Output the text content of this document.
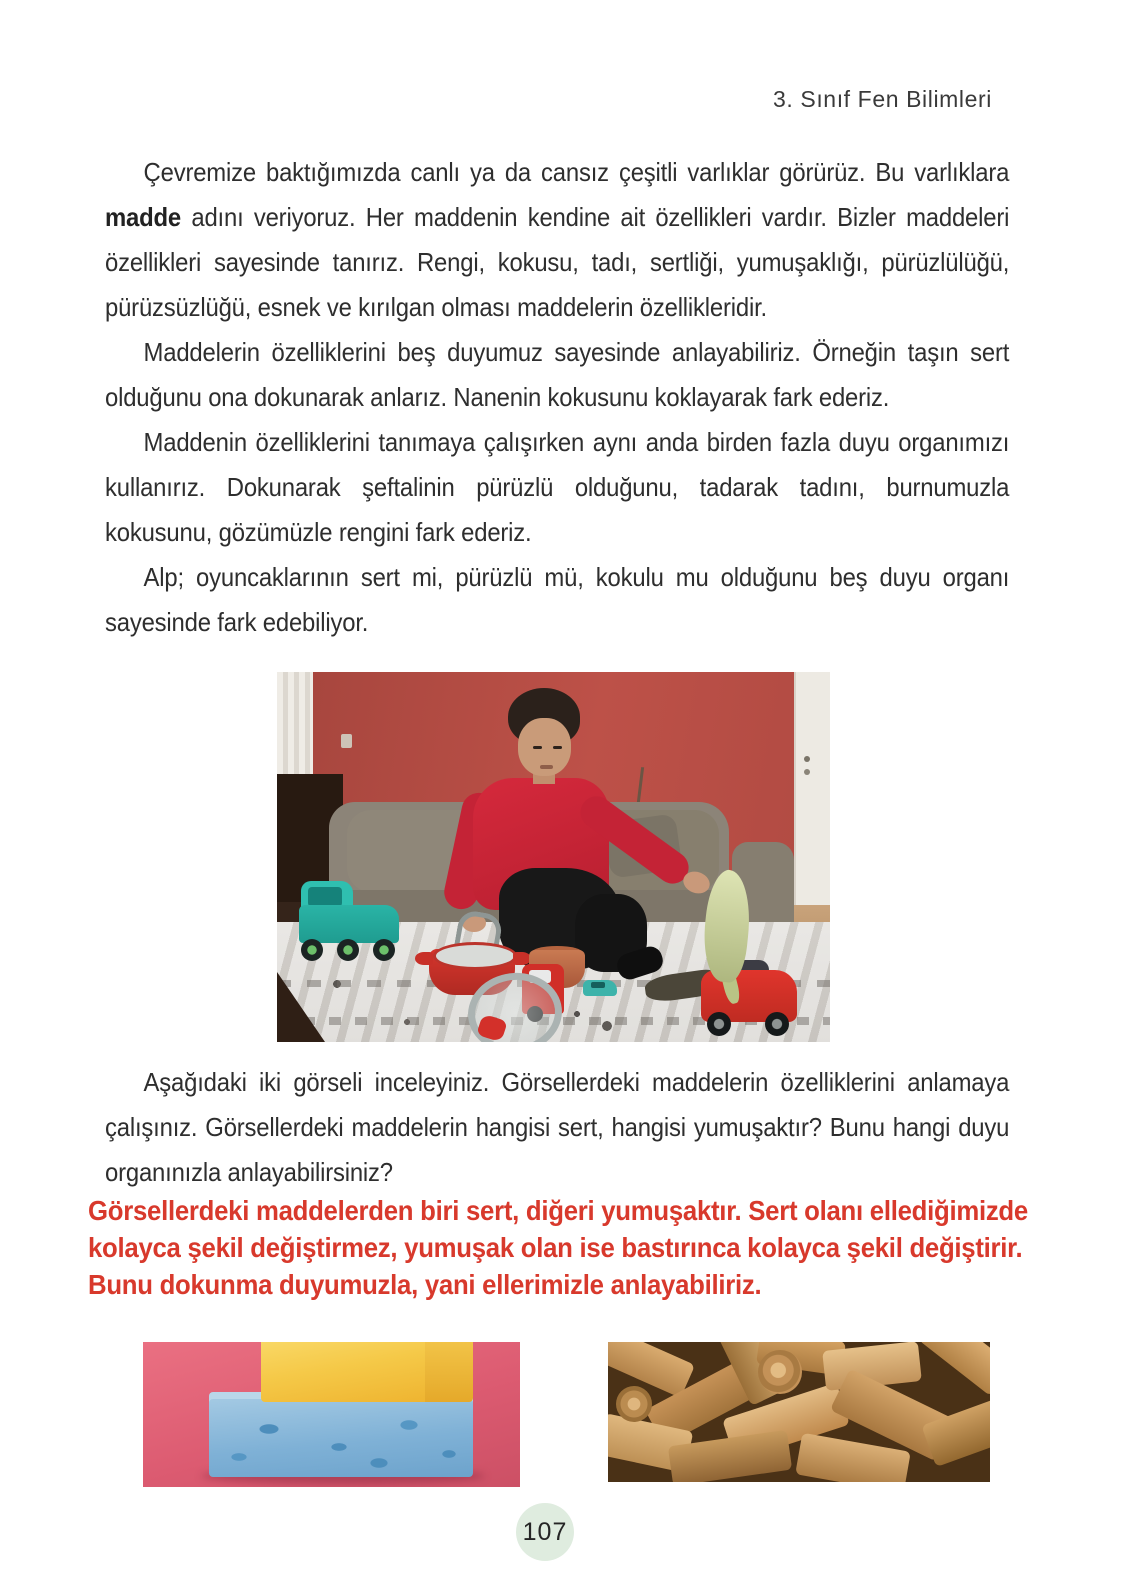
3. Sınıf Fen Bilimleri

Çevremize baktığımızda canlı ya da cansız çeşitli varlıklar görürüz. Bu varlıklara madde adını veriyoruz. Her maddenin kendine ait özellikleri vardır. Bizler maddeleri özellikleri sayesinde tanırız. Rengi, kokusu, tadı, sertliği, yumuşaklığı, pürüzlülüğü, pürüzsüzlüğü, esnek ve kırılgan olması maddelerin özellikleridir.

Maddelerin özelliklerini beş duyumuz sayesinde anlayabiliriz. Örneğin taşın sert olduğunu ona dokunarak anlarız. Nanenin kokusunu koklayarak fark ederiz.

Maddenin özelliklerini tanımaya çalışırken aynı anda birden fazla duyu organımızı kullanırız. Dokunarak şeftalinin pürüzlü olduğunu, tadarak tadını, burnumuzla kokusunu, gözümüzle rengini fark ederiz.

Alp; oyuncaklarının sert mi, pürüzlü mü, kokulu mu olduğunu beş duyu organı sayesinde fark edebiliyor.

Aşağıdaki iki görseli inceleyiniz. Görsellerdeki maddelerin özelliklerini anlamaya çalışınız. Görsellerdeki maddelerin hangisi sert, hangisi yumuşaktır? Bunu hangi duyu organınızla anlayabilirsiniz?

Görsellerdeki maddelerden biri sert, diğeri yumuşaktır. Sert olanı ellediğimizde kolayca şekil değiştirmez, yumuşak olan ise bastırınca kolayca şekil değiştirir. Bunu dokunma duyumuzla, yani ellerimizle anlayabiliriz.
107
